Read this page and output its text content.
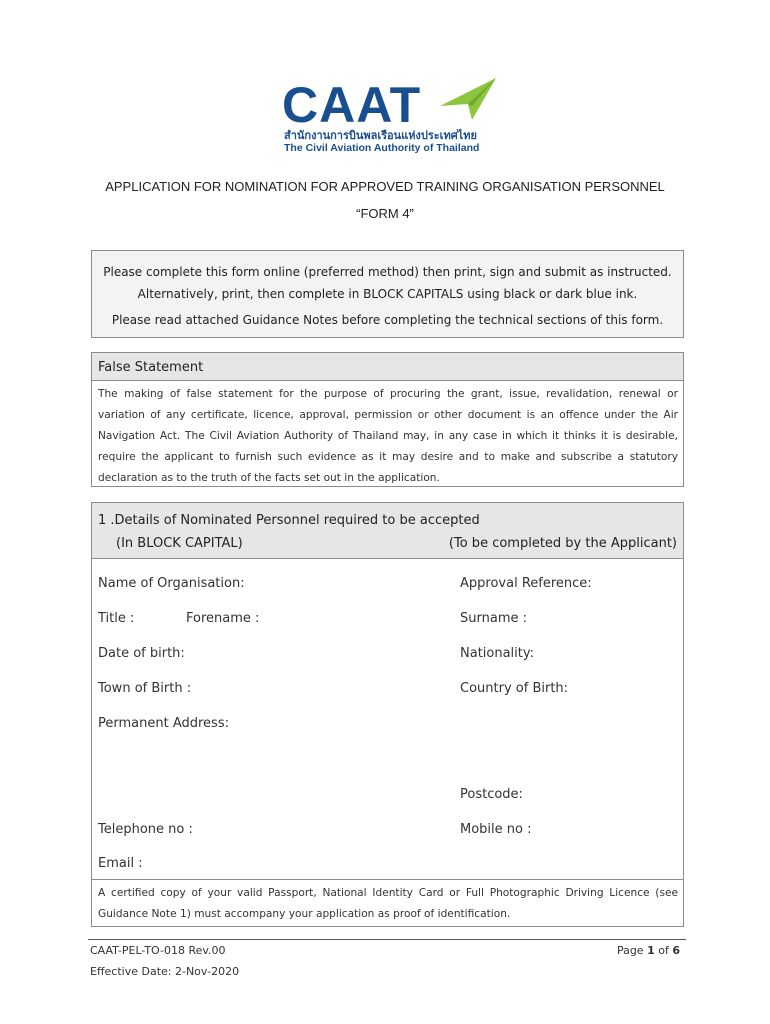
CAAT
สำนักงานการบินพลเรือนแห่งประเทศไทย
The Civil Aviation Authority of Thailand
APPLICATION FOR NOMINATION FOR APPROVED TRAINING ORGANISATION PERSONNEL
“FORM 4”

Please complete this form online (preferred method) then print, sign and submit as instructed.

Alternatively, print, then complete in BLOCK CAPITALS using black or dark blue ink.

Please read attached Guidance Notes before completing the technical sections of this form.

False Statement
The making of false statement for the purpose of procuring the grant, issue, revalidation, renewal or variation of any certificate, licence, approval, permission or other document is an offence under the Air Navigation Act. The Civil Aviation Authority of Thailand may, in any case in which it thinks it is desirable, require the applicant to furnish such evidence as it may desire and to make and subscribe a statutory declaration as to the truth of the facts set out in the application.
1 .Details of Nominated Personnel required to be accepted
(In BLOCK CAPITAL)	(To be completed by the Applicant)
Name of Organisation:	Approval Reference:
Title :	Forename :	Surname :
Date of birth:	Nationality:
Town of Birth :	Country of Birth:
Permanent Address:
Postcode:
Telephone no :	Mobile no :
Email :
A certified copy of your valid Passport, National Identity Card or Full Photographic Driving Licence (see Guidance Note 1) must accompany your application as proof of identification.
CAAT-PEL-TO-018 Rev.00
Effective Date: 2-Nov-2020
Page 1 of 6
